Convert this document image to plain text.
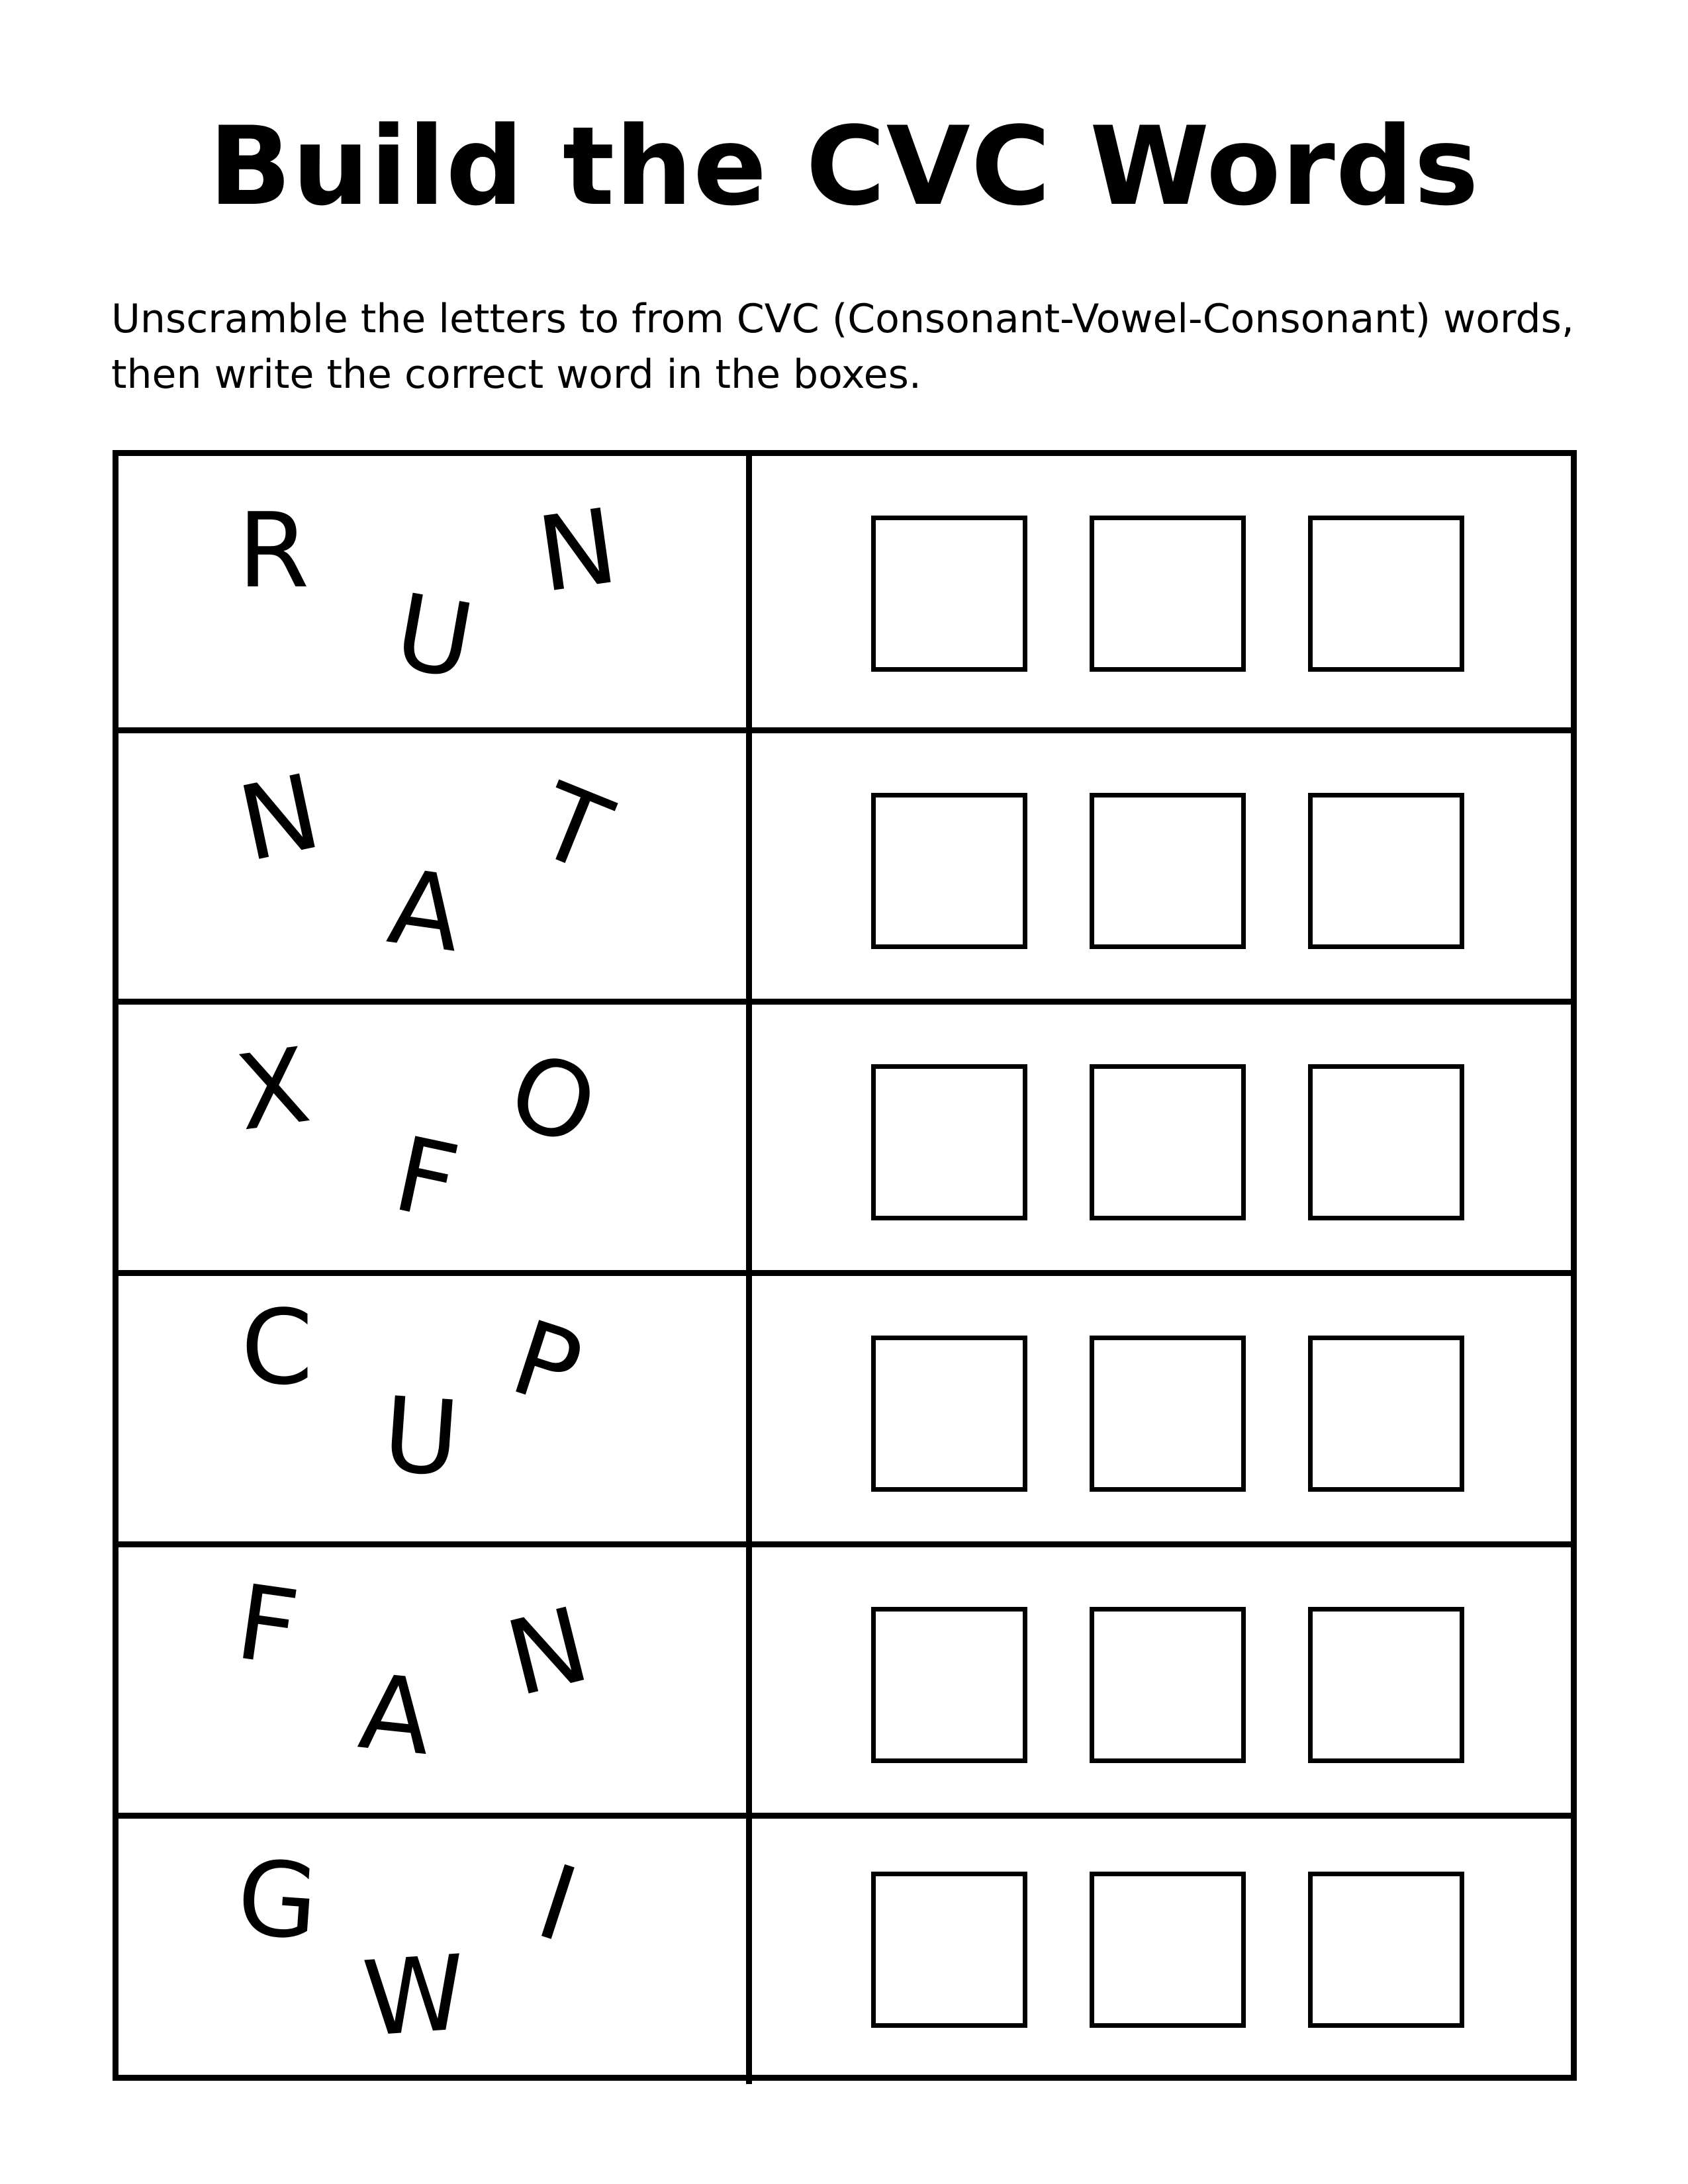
Build the CVC Words

Unscramble the letters to from CVC (Consonant-Vowel-Consonant) words, then write the correct word in the boxes.

R
U
N
N
A
T
X
F
O
C
U
P
F
A N
G
W
I
